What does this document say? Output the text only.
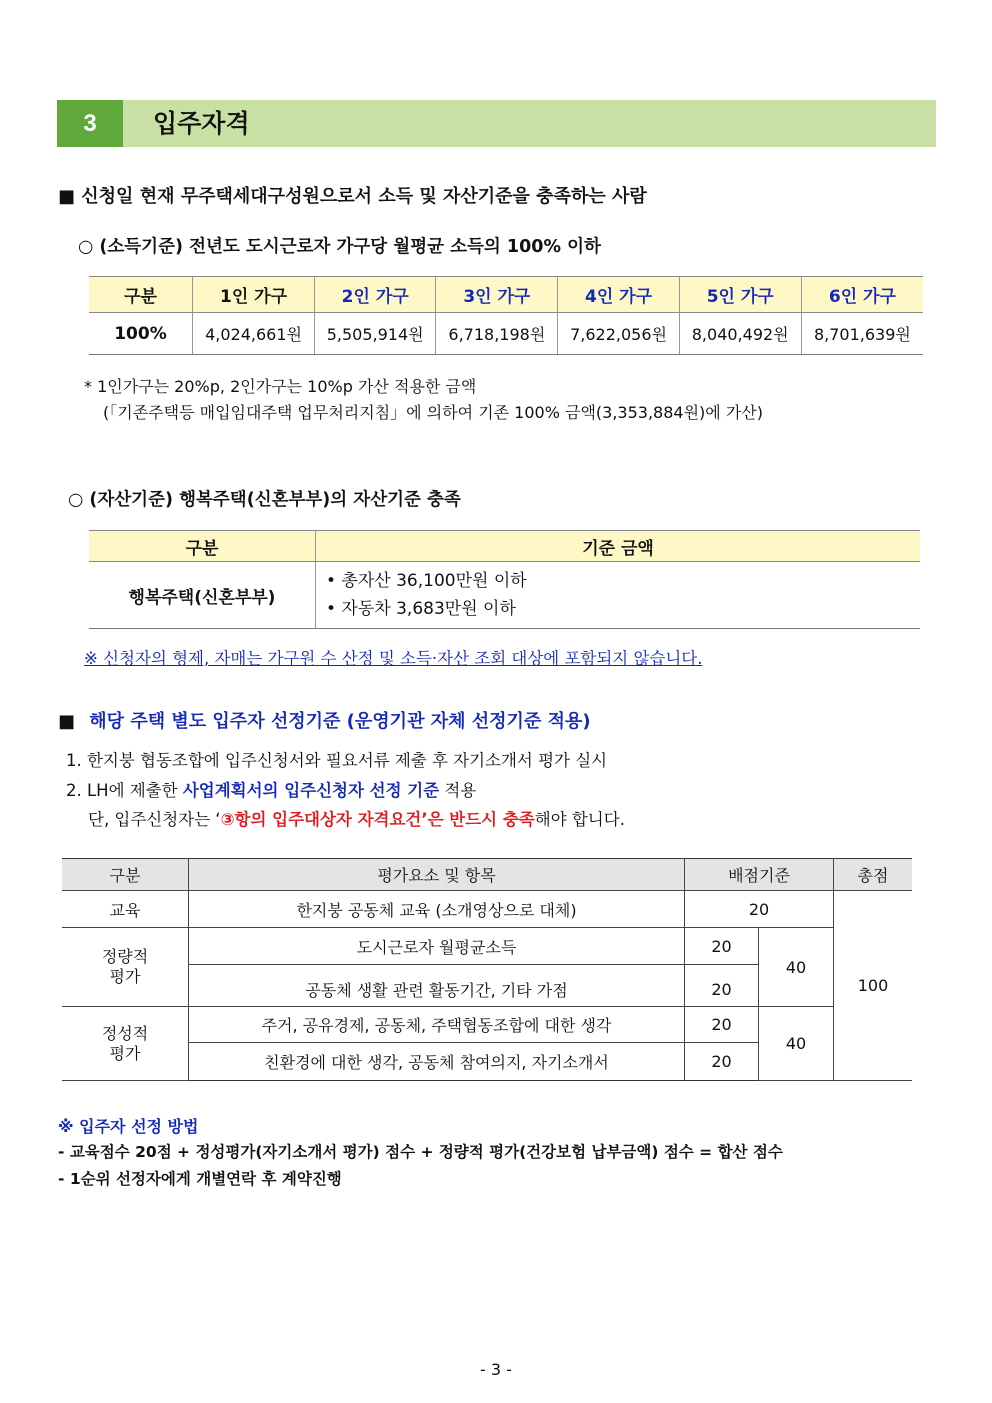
3	입주자격
■ 신청일 현재 무주택세대구성원으로서 소득 및 자산기준을 충족하는 사람
○ (소득기준) 전년도 도시근로자 가구당 월평균 소득의 100% 이하
구분	1인 가구	2인 가구	3인 가구	4인 가구	5인 가구	6인 가구
100%	4,024,661원	5,505,914원	6,718,198원	7,622,056원	8,040,492원	8,701,639원
* 1인가구는 20%p, 2인가구는 10%p 가산 적용한 금액
(「기존주택등 매입임대주택 업무처리지침」에 의하여 기존 100% 금액(3,353,884원)에 가산)
○ (자산기준) 행복주택(신혼부부)의 자산기준 충족
구분	기준 금액
행복주택(신혼부부)	• 총자산 36,100만원 이하
• 자동차 3,683만원 이하
※ 신청자의 형제, 자매는 가구원 수 산정 및 소득·자산 조회 대상에 포함되지 않습니다.
■ 해당 주택 별도 입주자 선정기준 (운영기관 자체 선정기준 적용)
1. 한지붕 협동조합에 입주신청서와 필요서류 제출 후 자기소개서 평가 실시
2. LH에 제출한 사업계획서의 입주신청자 선정 기준 적용
단, 입주신청자는 ‘③항의 입주대상자 자격요건’은 반드시 충족해야 합니다.
구분	평가요소 및 항목	배점기준		총점
교육	한지붕 공동체 교육 (소개영상으로 대체)	20		100
정량적
평가	도시근로자 월평균소득	20	40	
	공동체 생활 관련 활동기간, 기타 가점	20		
정성적
평가	주거, 공유경제, 공동체, 주택협동조합에 대한 생각	20	40	
	친환경에 대한 생각, 공동체 참여의지, 자기소개서	20		
※ 입주자 선정 방법
- 교육점수 20점 + 정성평가(자기소개서 평가) 점수 + 정량적 평가(건강보험 납부금액) 점수 = 합산 점수
- 1순위 선정자에게 개별연락 후 계약진행
- 3 -
